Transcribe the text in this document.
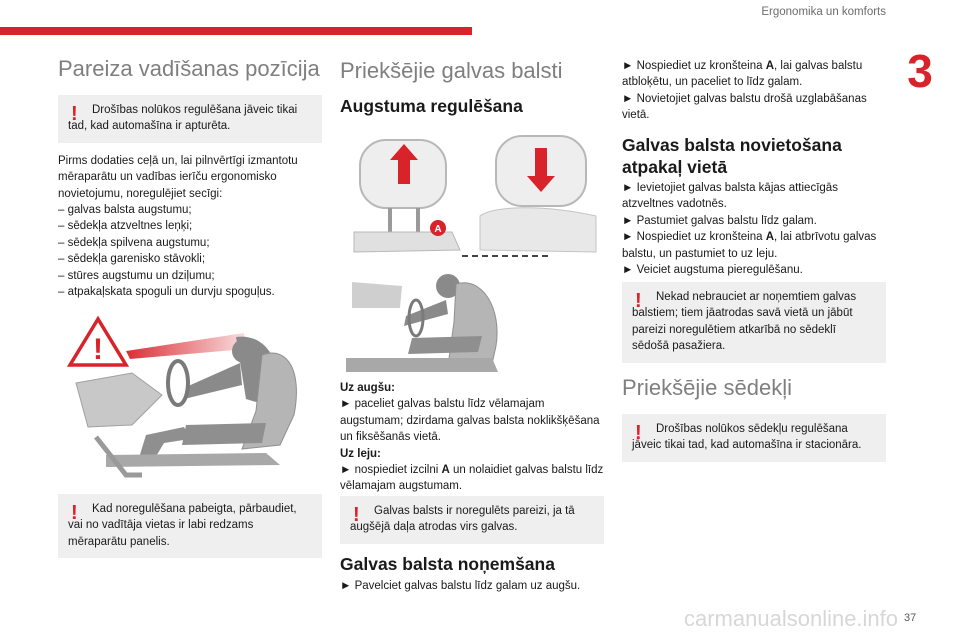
Ergonomika un komforts
3
Pareiza vadīšanas pozīcija
!	Drošības nolūkos regulēšana jāveic tikai tad, kad automašīna ir apturēta.

Pirms dodaties ceļā un, lai pilnvērtīgi izmantotu mēraparātu un vadības ierīču ergonomisko novietojumu, noregulējiet secīgi:

– galvas balsta augstumu;

– sēdekļa atzveltnes leņķi;

– sēdekļa spilvena augstumu;

– sēdekļa garenisko stāvokli;

– stūres augstumu un dziļumu;

– atpakaļskata spoguli un durvju spoguļus.

!
!	Kad noregulēšana pabeigta, pārbaudiet, vai no vadītāja vietas ir labi redzams mēraparātu panelis.
Priekšējie galvas balsti
Augstuma regulēšana
A

Uz augšu:

► paceliet galvas balstu līdz vēlamajam augstumam; dzirdama galvas balsta noklikšķēšana un fiksēšanās vietā.

Uz leju:

► nospiediet izcilni A un nolaidiet galvas balstu līdz vēlamajam augstumam.

!	Galvas balsts ir noregulēts pareizi, ja tā augšējā daļa atrodas virs galvas.
Galvas balsta noņemšana
► Pavelciet galvas balstu līdz galam uz augšu.

► Nospiediet uz kronšteina A, lai galvas balstu atbloķētu, un paceliet to līdz galam.

► Novietojiet galvas balstu drošā uzglabāšanas vietā.

Galvas balsta novietošana atpakaļ vietā

► Ievietojiet galvas balsta kājas attiecīgās atzveltnes vadotnēs.

► Pastumiet galvas balstu līdz galam.

► Nospiediet uz kronšteina A, lai atbrīvotu galvas balstu, un pastumiet to uz leju.

► Veiciet augstuma pieregulēšanu.

!	Nekad nebrauciet ar noņemtiem galvas balstiem; tiem jāatrodas savā vietā un jābūt pareizi noregulētiem atkarībā no sēdeklī sēdošā pasažiera.
Priekšējie sēdekļi
!	Drošības nolūkos sēdekļu regulēšana jāveic tikai tad, kad automašīna ir stacionāra.
carmanualsonline.info 37
